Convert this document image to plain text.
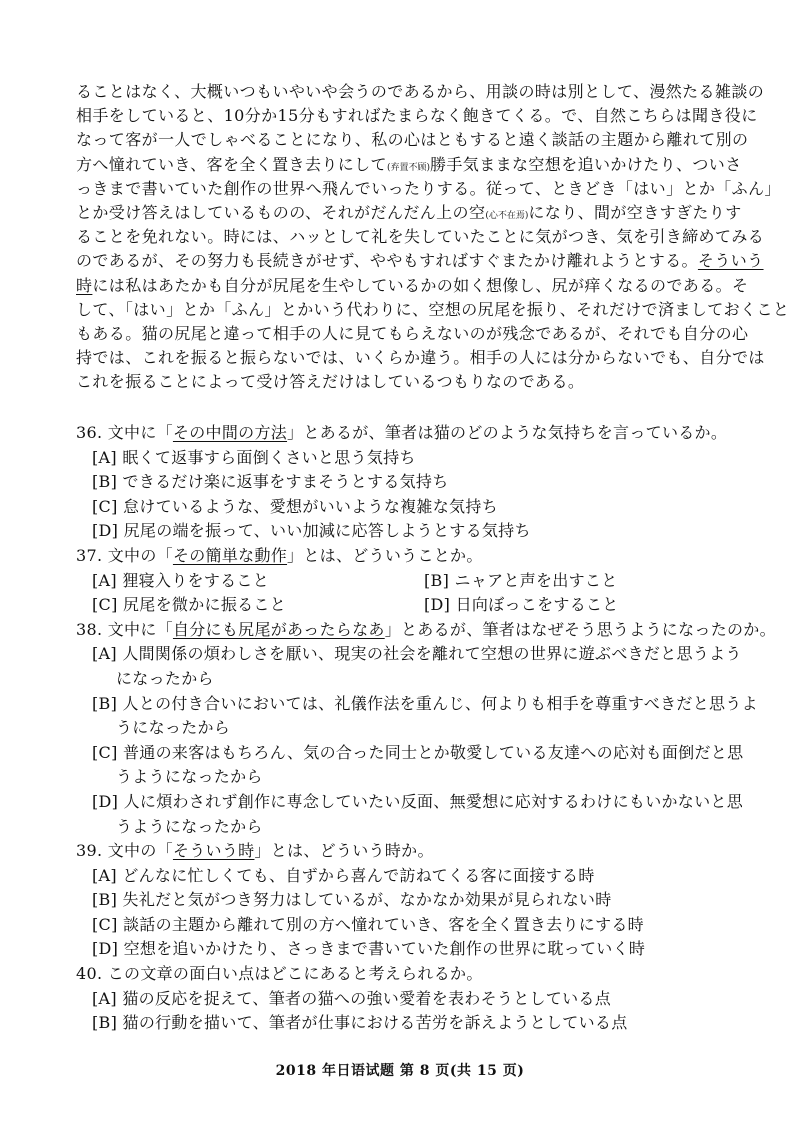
ることはなく、大概いつもいやいや会うのであるから、用談の時は別として、漫然たる雑談の
相手をしていると、10分か15分もすればたまらなく飽きてくる。で、自然こちらは聞き役に
なって客が一人でしゃべることになり、私の心はともすると遠く談話の主題から離れて別の
方へ憧れていき、客を全く置き去りにして(弃置不顾)勝手気ままな空想を追いかけたり、ついさ
っきまで書いていた創作の世界へ飛んでいったりする。従って、ときどき「はい」とか「ふん」
とか受け答えはしているものの、それがだんだん上の空(心不在焉)になり、間が空きすぎたりす
ることを免れない。時には、ハッとして礼を失していたことに気がつき、気を引き締めてみる
のであるが、その努力も長続きがせず、ややもすればすぐまたかけ離れようとする。そういう
時には私はあたかも自分が尻尾を生やしているかの如く想像し、尻が痒くなるのである。そ
して、「はい」とか「ふん」とかいう代わりに、空想の尻尾を振り、それだけで済ましておくこと
もある。猫の尻尾と違って相手の人に見てもらえないのが残念であるが、それでも自分の心
持では、これを振ると振らないでは、いくらか違う。相手の人には分からないでも、自分では
これを振ることによって受け答えだけはしているつもりなのである。
36. 文中に「その中間の方法」とあるが、筆者は猫のどのような気持ちを言っているか。
[A] 眠くて返事すら面倒くさいと思う気持ち
[B] できるだけ楽に返事をすまそうとする気持ち
[C] 怠けているような、愛想がいいような複雑な気持ち
[D] 尻尾の端を振って、いい加減に応答しようとする気持ち
37. 文中の「その簡単な動作」とは、どういうことか。
[A] 狸寝入りをすること	[B] ニャアと声を出すこと
[C] 尻尾を微かに振ること	[D] 日向ぼっこをすること
38. 文中に「自分にも尻尾があったらなあ」とあるが、筆者はなぜそう思うようになったのか。
[A] 人間関係の煩わしさを厭い、現実の社会を離れて空想の世界に遊ぶべきだと思うよう
になったから
[B] 人との付き合いにおいては、礼儀作法を重んじ、何よりも相手を尊重すべきだと思うよ
うになったから
[C] 普通の来客はもちろん、気の合った同士とか敬愛している友達への応対も面倒だと思
うようになったから
[D] 人に煩わされず創作に専念していたい反面、無愛想に応対するわけにもいかないと思
うようになったから
39. 文中の「そういう時」とは、どういう時か。
[A] どんなに忙しくても、自ずから喜んで訪ねてくる客に面接する時
[B] 失礼だと気がつき努力はしているが、なかなか効果が見られない時
[C] 談話の主題から離れて別の方へ憧れていき、客を全く置き去りにする時
[D] 空想を追いかけたり、さっきまで書いていた創作の世界に耽っていく時
40. この文章の面白い点はどこにあると考えられるか。
[A] 猫の反応を捉えて、筆者の猫への強い愛着を表わそうとしている点
[B] 猫の行動を描いて、筆者が仕事における苦労を訴えようとしている点
2018 年日语试题 第 8 页(共 15 页)
